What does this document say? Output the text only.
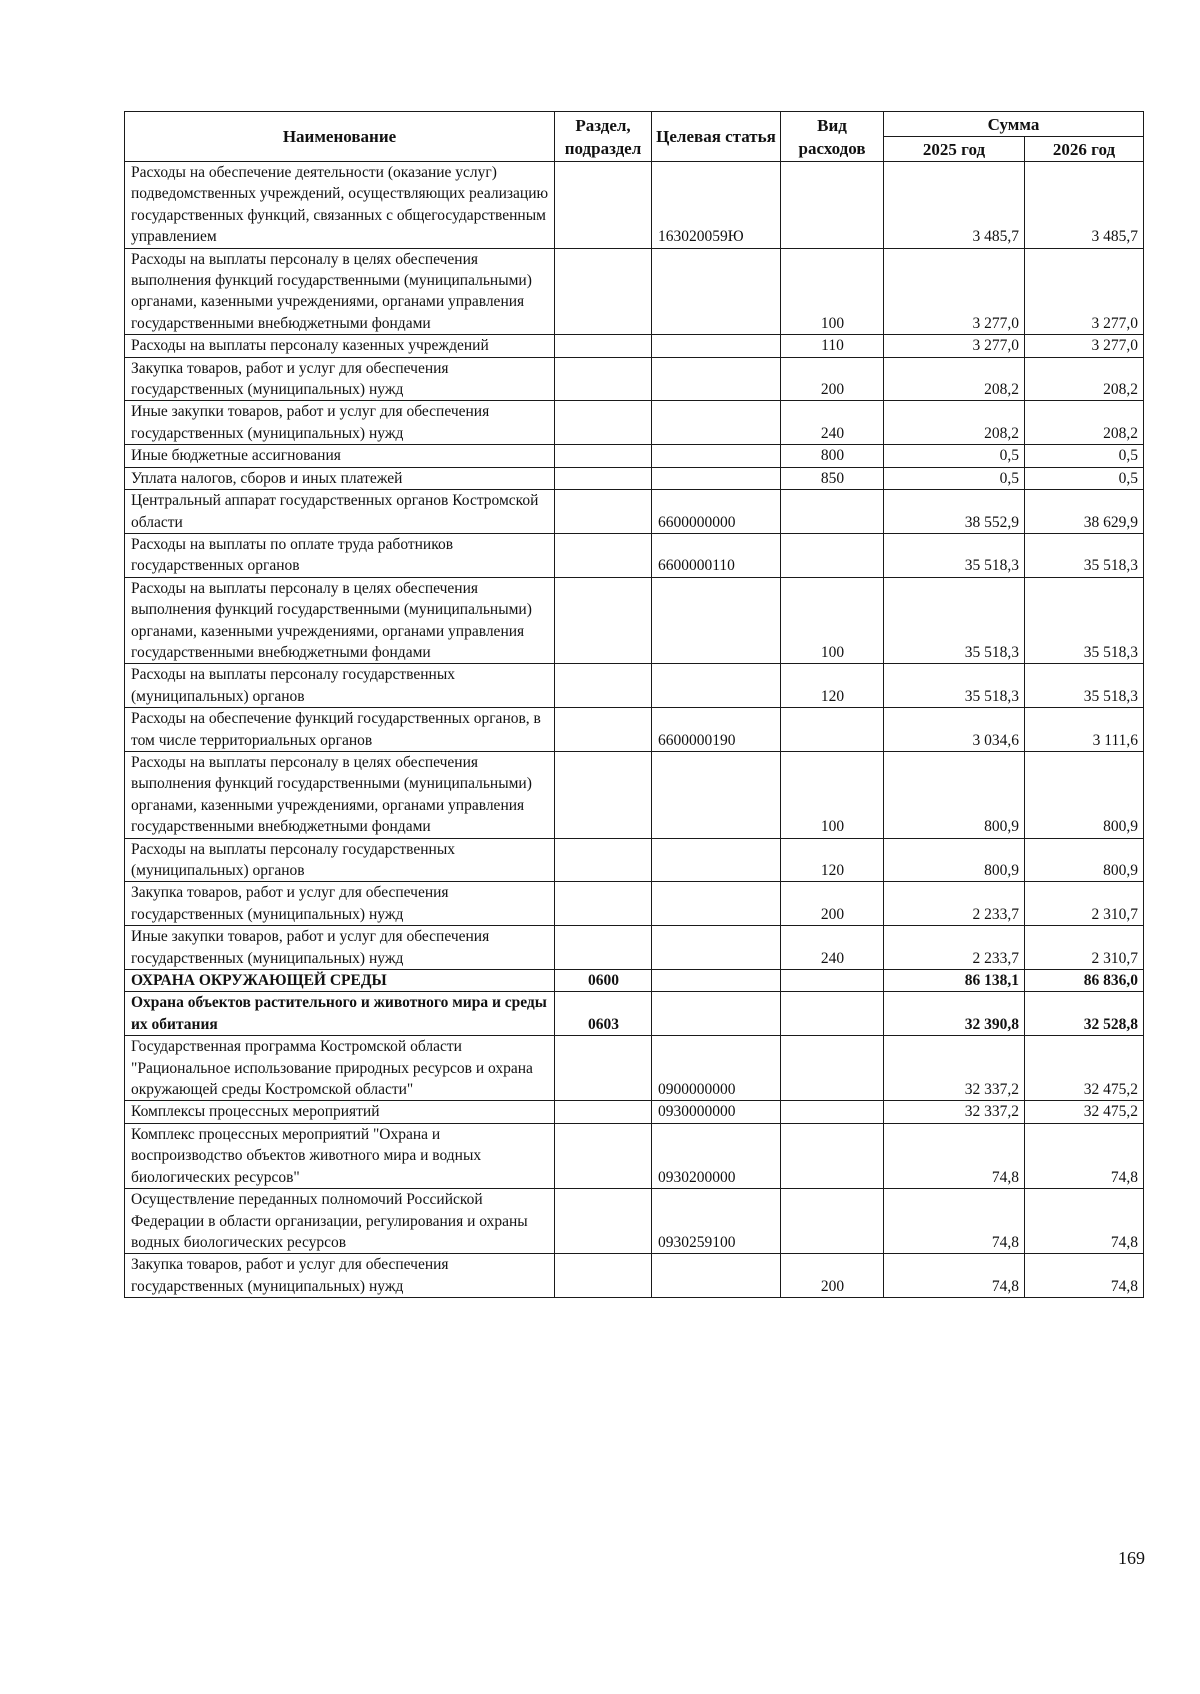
Наименование	Раздел, подраздел	Целевая статья	Вид расходов	Сумма	
				2025 год	2026 год
Расходы на обеспечение деятельности (оказание услуг) подведомственных учреждений, осуществляющих реализацию государственных функций, связанных с общегосударственным управлением		163020059Ю		3 485,7	3 485,7
Расходы на выплаты персоналу в целях обеспечения выполнения функций государственными (муниципальными) органами, казенными учреждениями, органами управления государственными внебюджетными фондами			100	3 277,0	3 277,0
Расходы на выплаты персоналу казенных учреждений			110	3 277,0	3 277,0
Закупка товаров, работ и услуг для обеспечения государственных (муниципальных) нужд			200	208,2	208,2
Иные закупки товаров, работ и услуг для обеспечения государственных (муниципальных) нужд			240	208,2	208,2
Иные бюджетные ассигнования			800	0,5	0,5
Уплата налогов, сборов и иных платежей			850	0,5	0,5
Центральный аппарат государственных органов Костромской области		6600000000		38 552,9	38 629,9
Расходы на выплаты по оплате труда работников государственных органов		6600000110		35 518,3	35 518,3
Расходы на выплаты персоналу в целях обеспечения выполнения функций государственными (муниципальными) органами, казенными учреждениями, органами управления государственными внебюджетными фондами			100	35 518,3	35 518,3
Расходы на выплаты персоналу государственных (муниципальных) органов			120	35 518,3	35 518,3
Расходы на обеспечение функций государственных органов, в том числе территориальных органов		6600000190		3 034,6	3 111,6
Расходы на выплаты персоналу в целях обеспечения выполнения функций государственными (муниципальными) органами, казенными учреждениями, органами управления государственными внебюджетными фондами			100	800,9	800,9
Расходы на выплаты персоналу государственных (муниципальных) органов			120	800,9	800,9
Закупка товаров, работ и услуг для обеспечения государственных (муниципальных) нужд			200	2 233,7	2 310,7
Иные закупки товаров, работ и услуг для обеспечения государственных (муниципальных) нужд			240	2 233,7	2 310,7
ОХРАНА ОКРУЖАЮЩЕЙ СРЕДЫ	0600			86 138,1	86 836,0
Охрана объектов растительного и животного мира и среды их обитания	0603			32 390,8	32 528,8
Государственная программа Костромской области "Рациональное использование природных ресурсов и охрана окружающей среды Костромской области"		0900000000		32 337,2	32 475,2
Комплексы процессных мероприятий		0930000000		32 337,2	32 475,2
Комплекс процессных мероприятий "Охрана и воспроизводство объектов животного мира и водных биологических ресурсов"		0930200000		74,8	74,8
Осуществление переданных полномочий Российской Федерации в области организации, регулирования и охраны водных биологических ресурсов		0930259100		74,8	74,8
Закупка товаров, работ и услуг для обеспечения государственных (муниципальных) нужд			200	74,8	74,8
169
